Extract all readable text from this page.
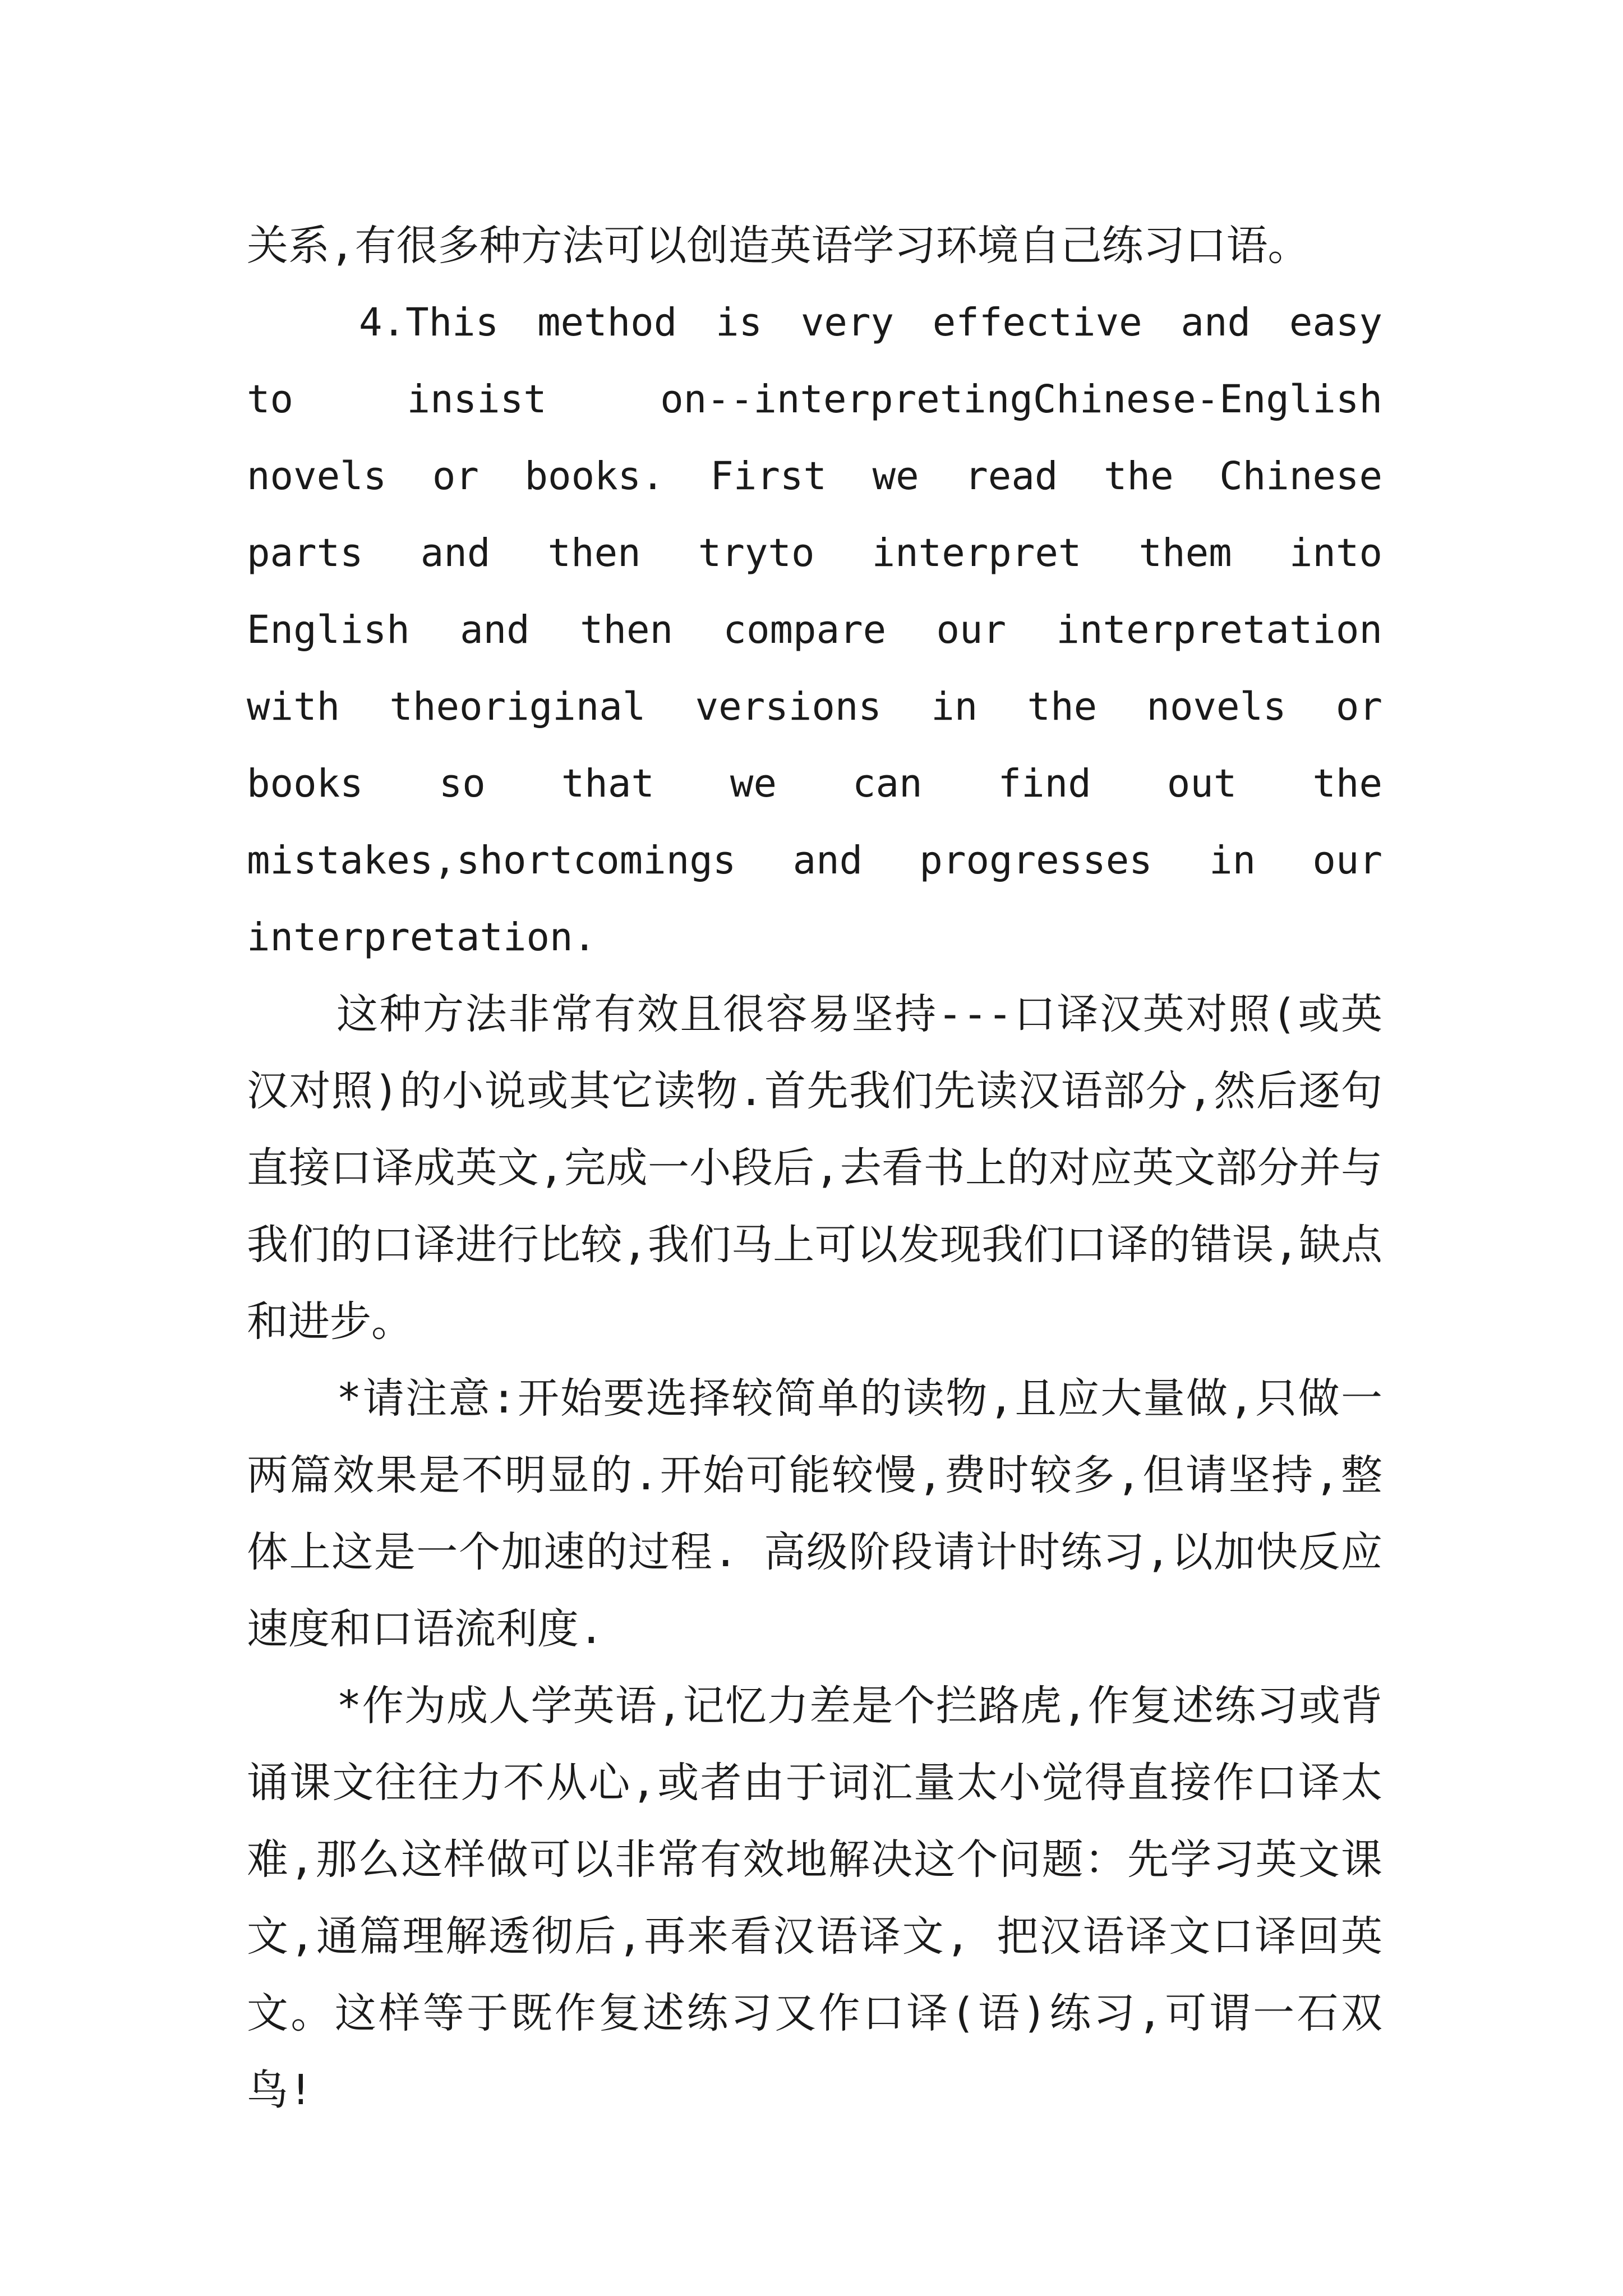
关系,有很多种方法可以创造英语学习环境自己练习口语。

4.This method is very effective and easy to insist on--interpretingChinese-English novels or books. First we read the Chinese parts and then tryto interpret them into English and then compare our interpretation with theoriginal versions in the novels or books so that we can find out the mistakes,shortcomings and progresses in our interpretation.

这种方法非常有效且很容易坚持---口译汉英对照(或英汉对照)的小说或其它读物.首先我们先读汉语部分,然后逐句直接口译成英文,完成一小段后,去看书上的对应英文部分并与我们的口译进行比较,我们马上可以发现我们口译的错误,缺点和进步。

*请注意:开始要选择较简单的读物,且应大量做,只做一两篇效果是不明显的.开始可能较慢,费时较多,但请坚持,整体上这是一个加速的过程. 高级阶段请计时练习,以加快反应速度和口语流利度.

*作为成人学英语,记忆力差是个拦路虎,作复述练习或背诵课文往往力不从心,或者由于词汇量太小觉得直接作口译太难,那么这样做可以非常有效地解决这个问题：先学习英文课文,通篇理解透彻后,再来看汉语译文, 把汉语译文口译回英文。这样等于既作复述练习又作口译(语)练习,可谓一石双鸟!
